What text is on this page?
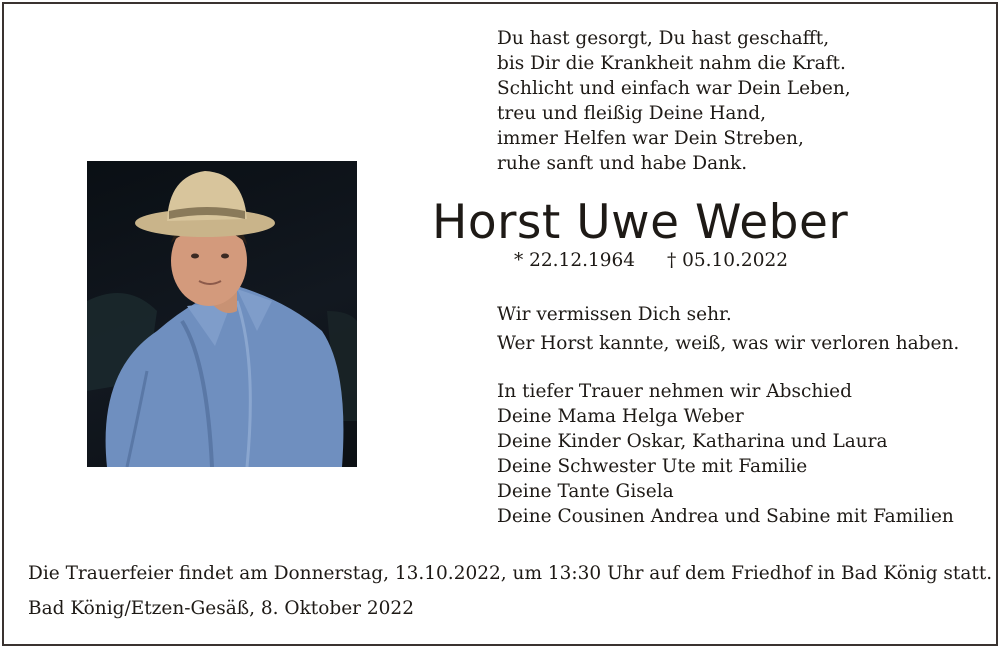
Du hast gesorgt, Du hast geschafft,
bis Dir die Krankheit nahm die Kraft.
Schlicht und einfach war Dein Leben,
treu und fleißig Deine Hand,
immer Helfen war Dein Streben,
ruhe sanft und habe Dank.
Horst Uwe Weber
* 22.12.1964 † 05.10.2022
Wir vermissen Dich sehr.
Wer Horst kannte, weiß, was wir verloren haben.
In tiefer Trauer nehmen wir Abschied
Deine Mama Helga Weber
Deine Kinder Oskar, Katharina und Laura
Deine Schwester Ute mit Familie
Deine Tante Gisela
Deine Cousinen Andrea und Sabine mit Familien
Die Trauerfeier findet am Donnerstag, 13.10.2022, um 13:30 Uhr auf dem Friedhof in Bad König statt.
Bad König/Etzen-Gesäß, 8. Oktober 2022
